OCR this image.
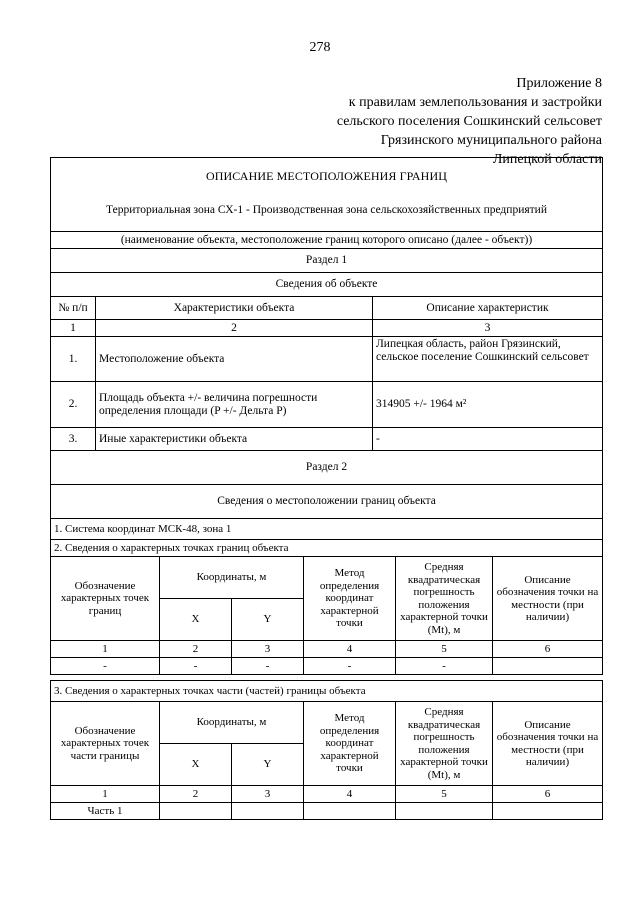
278
Приложение 8
к правилам землепользования и застройки
сельского поселения Сошкинский сельсовет
Грязинского муниципального района
Липецкой области
ОПИСАНИЕ МЕСТОПОЛОЖЕНИЯ ГРАНИЦ
Территориальная зона СХ-1 - Производственная зона сельскохозяйственных предприятий		

(наименование объекта, местоположение границ которого описано (далее - объект))		
Раздел 1		
Сведения об объекте		
№ п/п	Характеристики объекта	Описание характеристик
1	2	3
1.	Местоположение объекта	Липецкая область, район Грязинский, сельское поселение Сошкинский сельсовет
2.	Площадь объекта +/- величина погрешности определения площади (P +/- Дельта P)	314905 +/- 1964 м²
3.	Иные характеристики объекта	-
Раздел 2		
Сведения о местоположении границ объекта		
1. Система координат МСК-48, зона 1					
2. Сведения о характерных точках границ объекта					
Обозначение характерных точек границ	Координаты, м		Метод определения координат характерной точки	Средняя квадратическая погрешность положения характерной точки (Mt), м	Описание обозначения точки на местности (при наличии)
	X	Y			
1	2	3	4	5	6
-	-	-	-	-	
3. Сведения о характерных точках части (частей) границы объекта					
Обозначение характерных точек части границы	Координаты, м		Метод определения координат характерной точки	Средняя квадратическая погрешность положения характерной точки (Mt), м	Описание обозначения точки на местности (при наличии)
	X	Y			
1	2	3	4	5	6
Часть 1					
